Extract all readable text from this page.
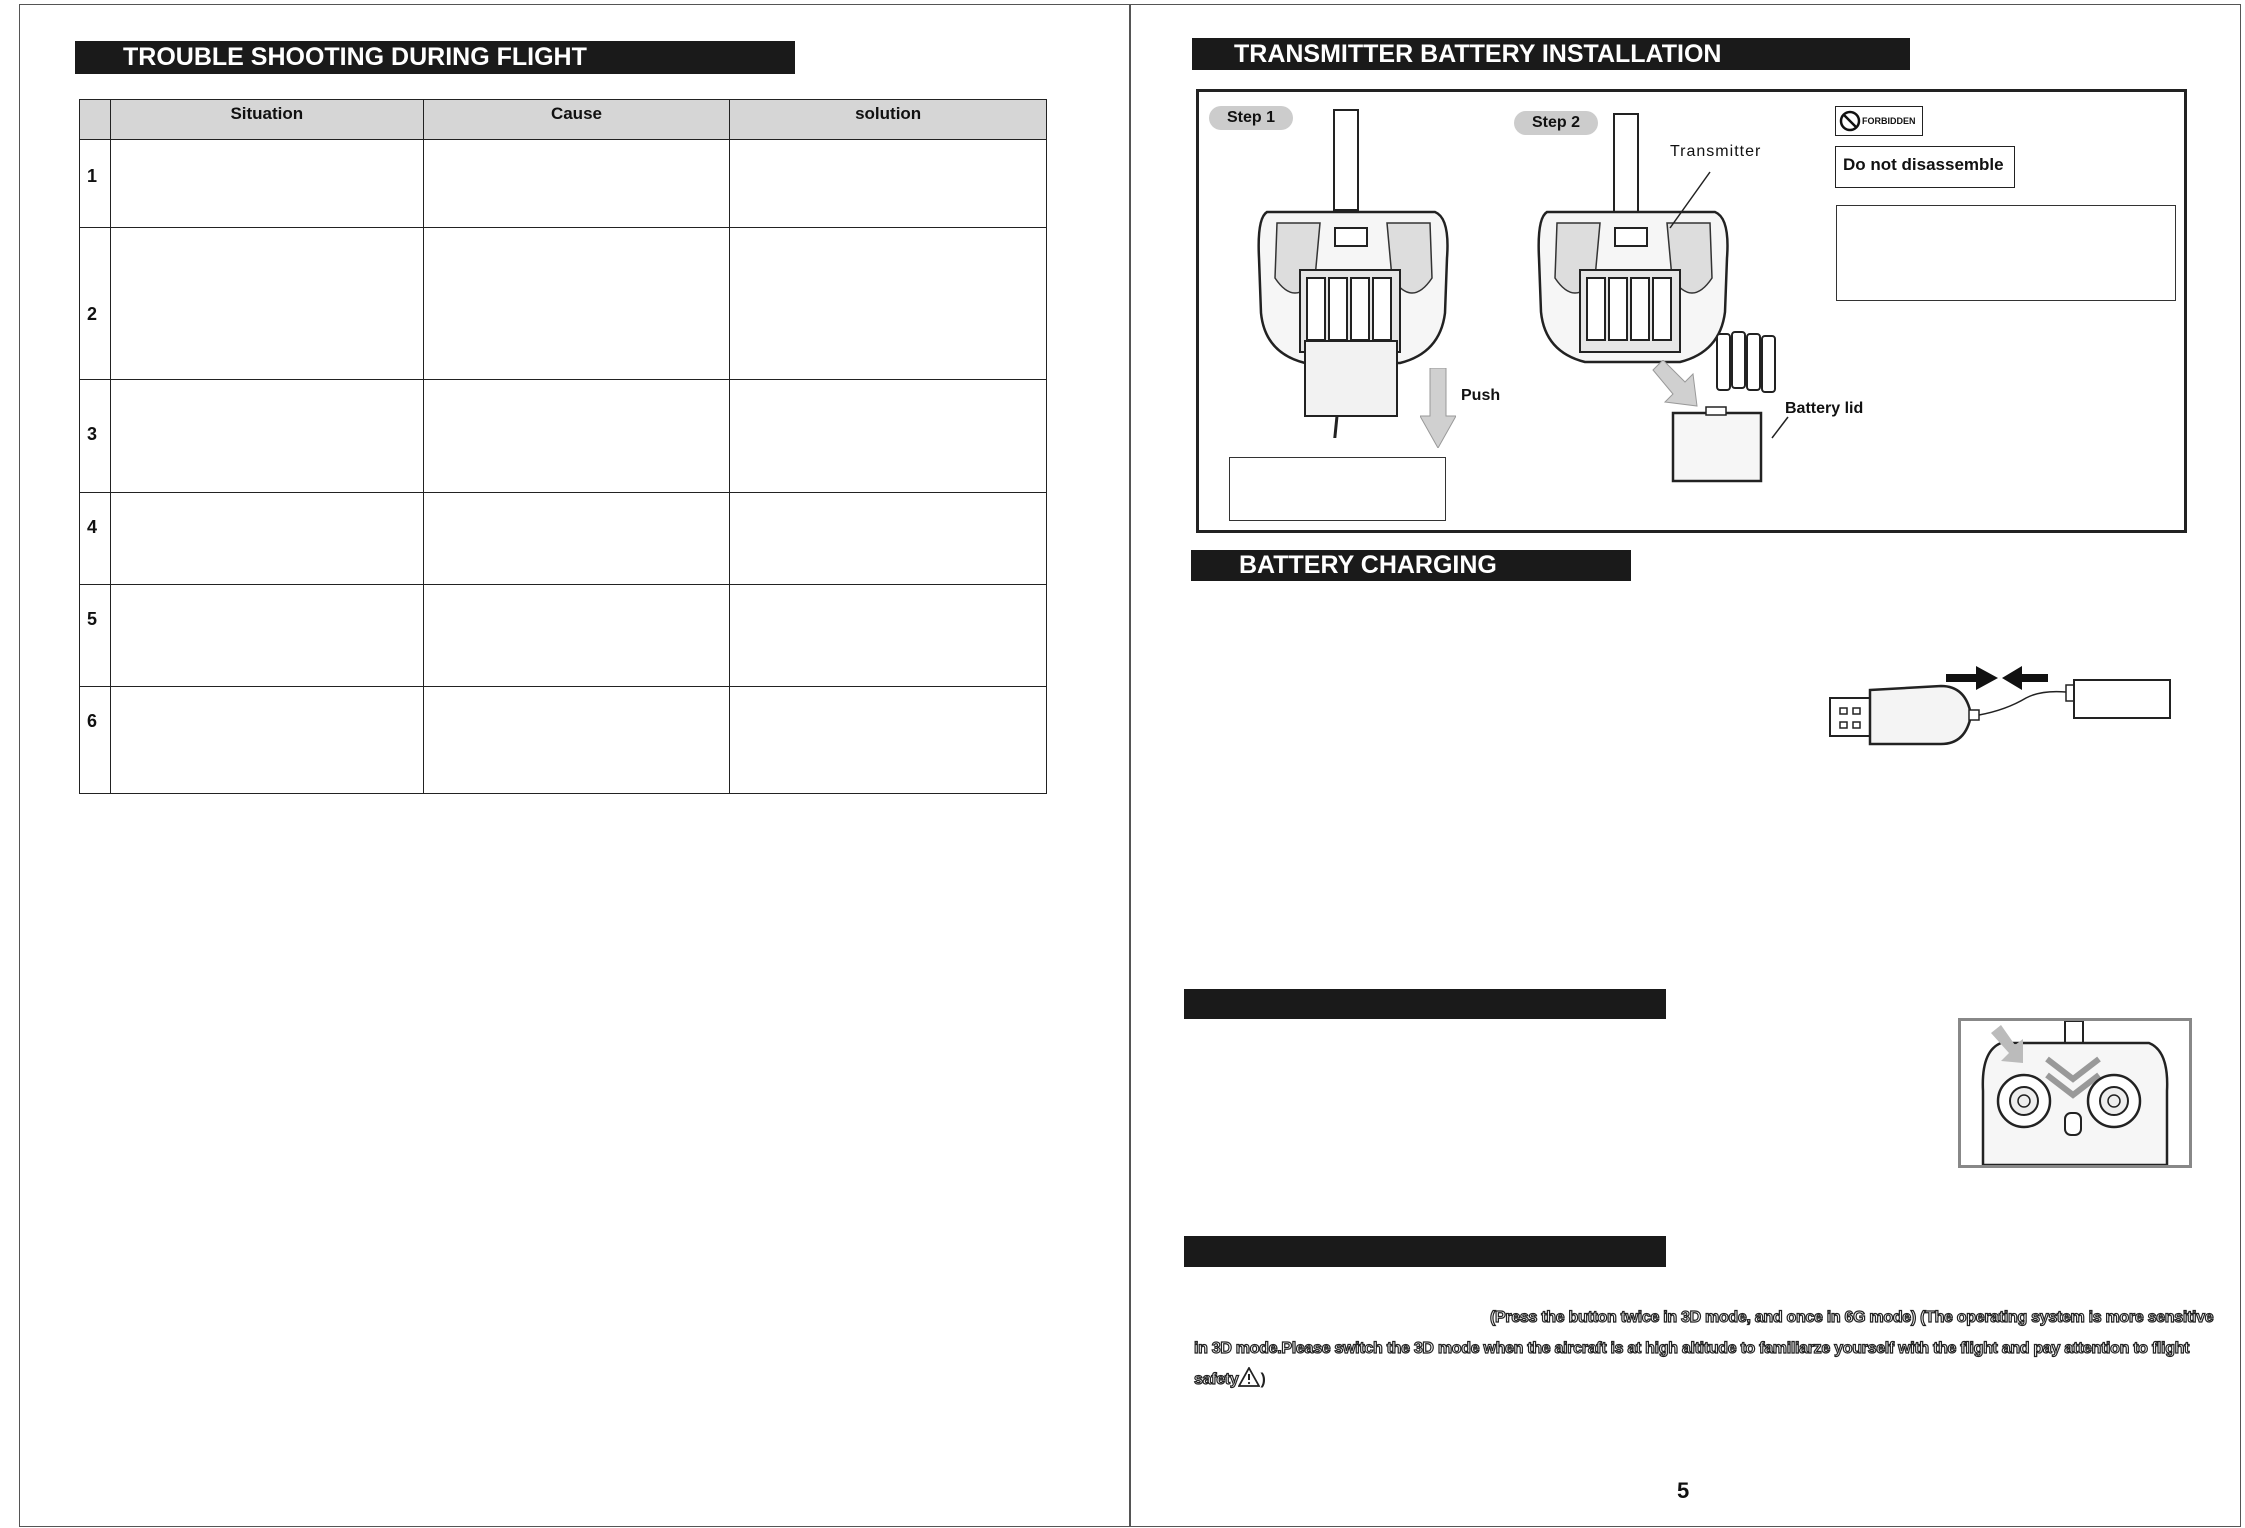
TROUBLE SHOOTING DURING FLIGHT
	Situation	Cause	solution
1			
2			
3			
4			
5			
6			
TRANSMITTER BATTERY INSTALLATION
Step 1	Step 2
Push
Transmitter
Battery lid
FORBIDDEN
Do not disassemble
BATTERY CHARGING
(Press the button twice in 3D mode, and once in 6G mode) (The operating system is more sensitive in 3D mode.Please switch the 3D mode when the aircraft is at high altitude to familiarze yourself with the flight and pay attention to flight safety )
5
